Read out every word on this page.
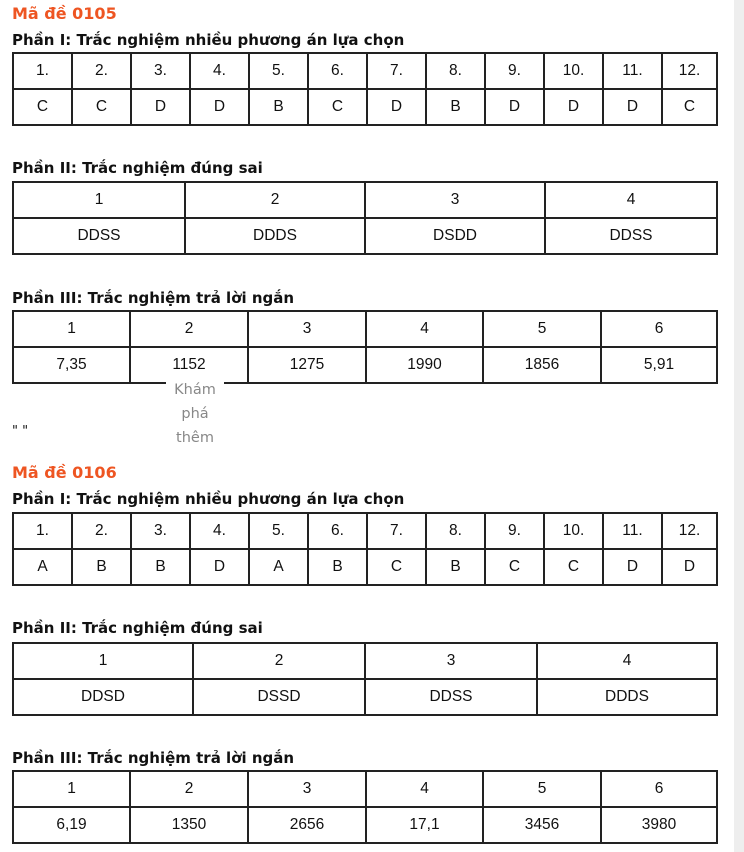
Mã đề 0105
Phần I: Trắc nghiệm nhiều phương án lựa chọn
1.	2.	3.	4.	5.	6.	7.	8.	9.	10.	11.	12.
C	C	D	D	B	C	D	B	D	D	D	C
Phần II: Trắc nghiệm đúng sai
1	2	3	4
DDSS	DDDS	DSDD	DDSS
Phần III: Trắc nghiệm trả lời ngắn
1	2	3	4	5	6
7,35	1152	1275	1990	1856	5,91
Khám phá thêm
" "
Mã đề 0106
Phần I: Trắc nghiệm nhiều phương án lựa chọn
1.	2.	3.	4.	5.	6.	7.	8.	9.	10.	11.	12.
A	B	B	D	A	B	C	B	C	C	D	D
Phần II: Trắc nghiệm đúng sai
1	2	3	4
DDSD	DSSD	DDSS	DDDS
Phần III: Trắc nghiệm trả lời ngắn
1	2	3	4	5	6
6,19	1350	2656	17,1	3456	3980
